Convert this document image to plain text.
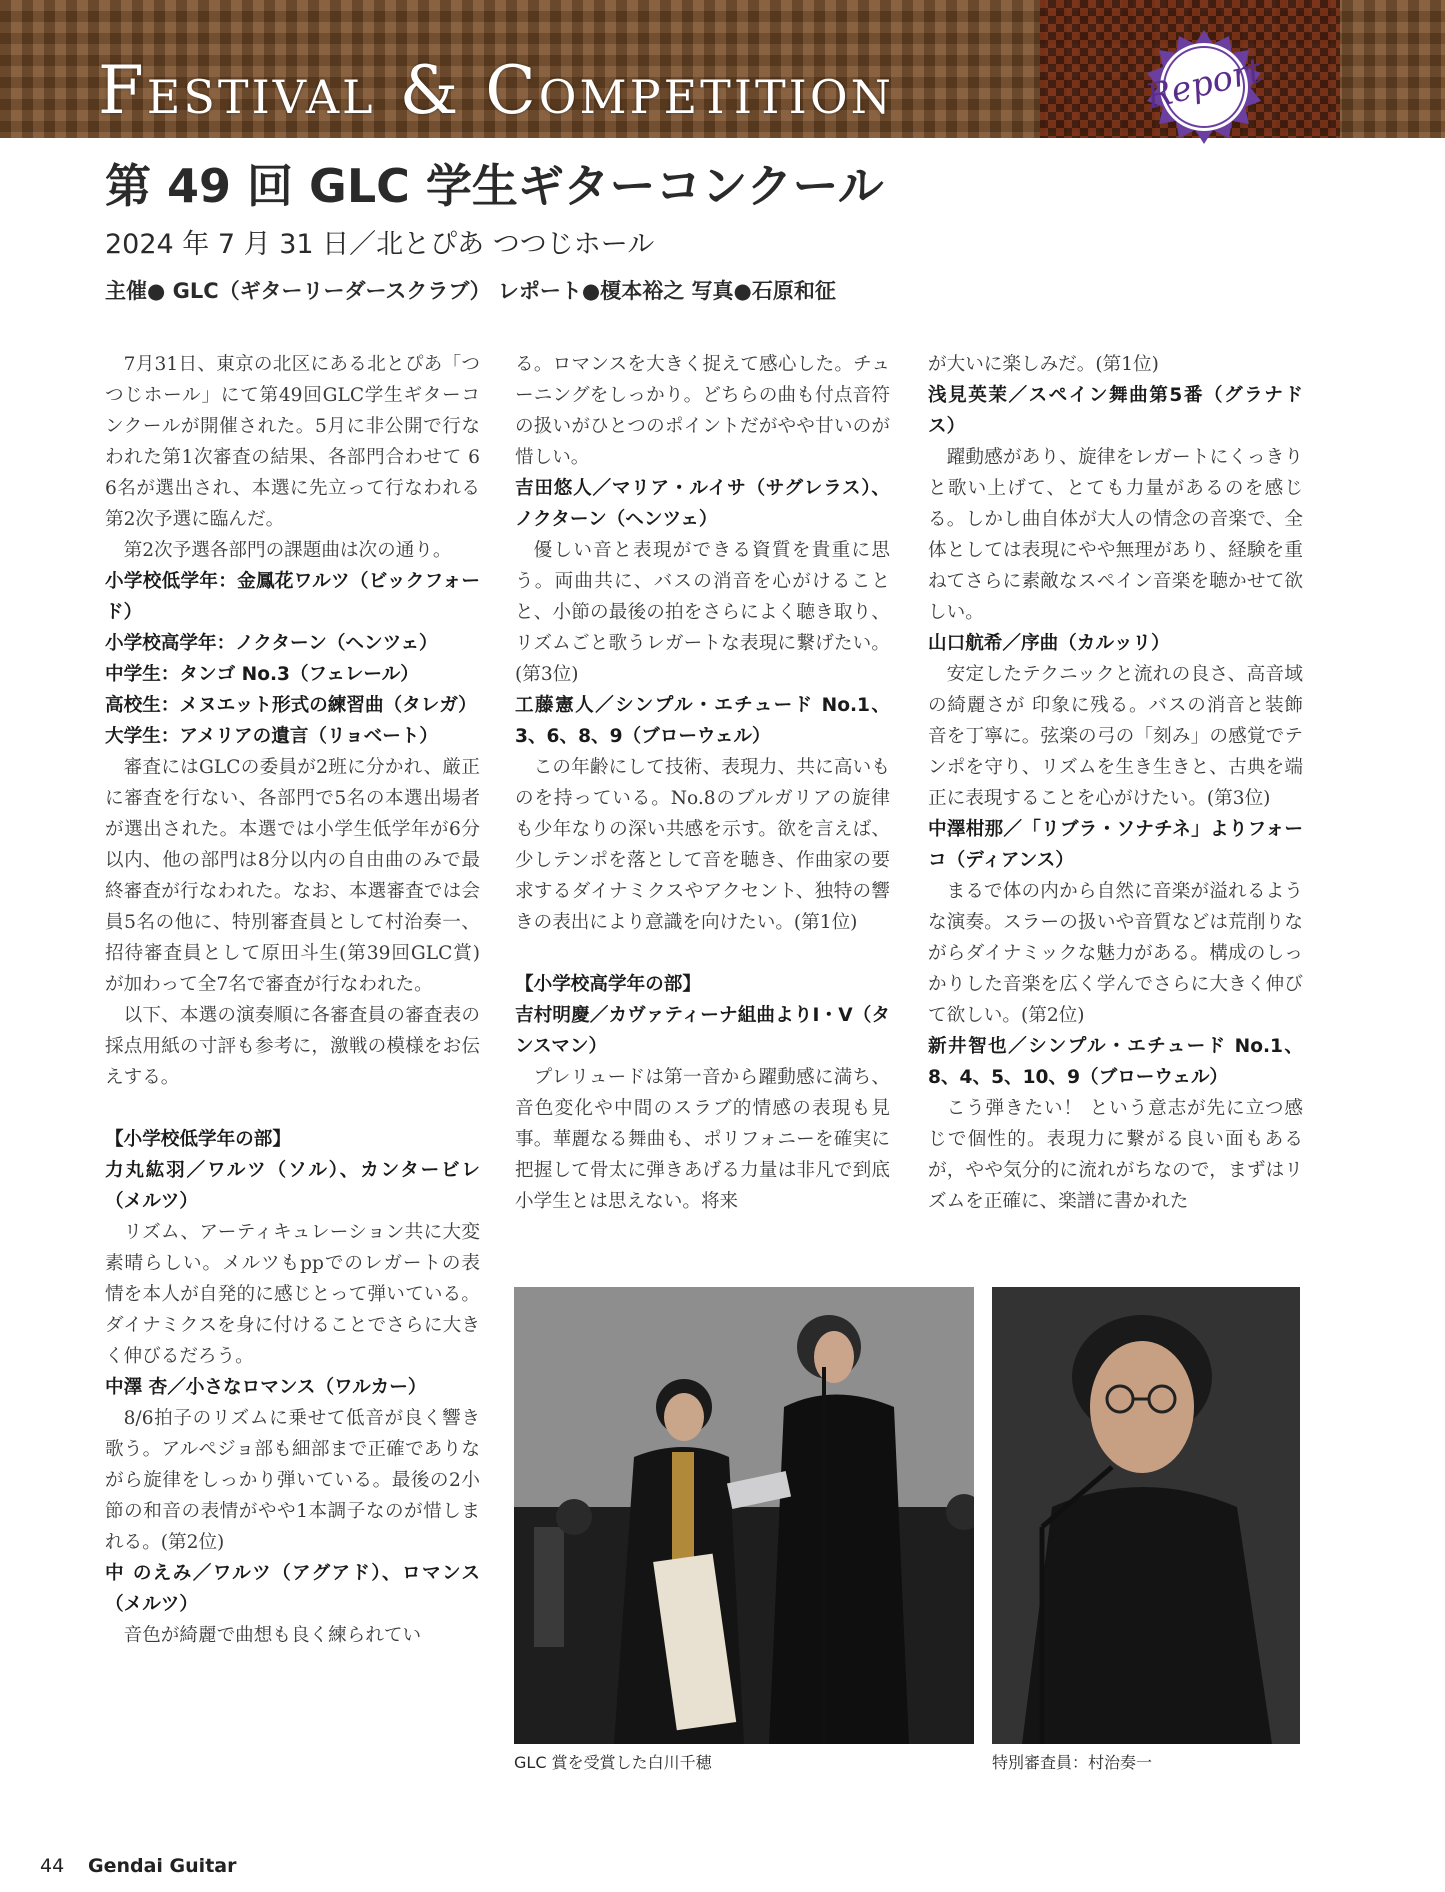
Festival & Competition	Report
第 49 回 GLC 学生ギターコンクール
2024 年 7 月 31 日／北とぴあ つつじホール
主催● GLC（ギターリーダースクラブ） レポート●榎本裕之 写真●石原和征

7月31日、東京の北区にある北とぴあ「つつじホール」にて第49回GLC学生ギターコンクールが開催された。5月に非公開で行なわれた第1次審査の結果、各部門合わせて 66名が選出され、本選に先立って行なわれる第2次予選に臨んだ。

第2次予選各部門の課題曲は次の通り。

小学校低学年：金鳳花ワルツ（ビックフォード）

小学校高学年：ノクターン（ヘンツェ）

中学生：タンゴ No.3（フェレール）

高校生：メヌエット形式の練習曲（タレガ）

大学生：アメリアの遺言（リョベート）

審査にはGLCの委員が2班に分かれ、厳正に審査を行ない、各部門で5名の本選出場者が選出された。本選では小学生低学年が6分以内、他の部門は8分以内の自由曲のみで最終審査が行なわれた。なお、本選審査では会員5名の他に、特別審査員として村治奏一、招待審査員として原田斗生(第39回GLC賞)が加わって全7名で審査が行なわれた。

以下、本選の演奏順に各審査員の審査表の採点用紙の寸評も参考に，激戦の模様をお伝えする。

【小学校低学年の部】

力丸紘羽／ワルツ（ソル）、カンタービレ（メルツ）

リズム、アーティキュレーション共に大変素晴らしい。メルツもppでのレガートの表情を本人が自発的に感じとって弾いている。ダイナミクスを身に付けることでさらに大きく伸びるだろう。

中澤 杏／小さなロマンス（ワルカー）

8/6拍子のリズムに乗せて低音が良く響き歌う。アルペジョ部も細部まで正確でありながら旋律をしっかり弾いている。最後の2小節の和音の表情がやや1本調子なのが惜しまれる。(第2位)

中 のえみ／ワルツ（アグアド）、ロマンス（メルツ）

音色が綺麗で曲想も良く練られてい

る。ロマンスを大きく捉えて感心した。チューニングをしっかり。どちらの曲も付点音符の扱いがひとつのポイントだがやや甘いのが惜しい。

吉田悠人／マリア・ルイサ（サグレラス）、ノクターン（ヘンツェ）

優しい音と表現ができる資質を貴重に思う。両曲共に、バスの消音を心がけることと、小節の最後の拍をさらによく聴き取り、リズムごと歌うレガートな表現に繋げたい。(第3位)

工藤憲人／シンプル・エチュード No.1、3、6、8、9（ブローウェル）

この年齢にして技術、表現力、共に高いものを持っている。No.8のブルガリアの旋律も少年なりの深い共感を示す。欲を言えば、少しテンポを落として音を聴き、作曲家の要求するダイナミクスやアクセント、独特の響きの表出により意識を向けたい。(第1位)

【小学校高学年の部】

吉村明慶／カヴァティーナ組曲よりⅠ・Ⅴ（タンスマン）

プレリュードは第一音から躍動感に満ち、音色変化や中間のスラブ的情感の表現も見事。華麗なる舞曲も、ポリフォニーを確実に把握して骨太に弾きあげる力量は非凡で到底小学生とは思えない。将来

が大いに楽しみだ。(第1位)

浅見英茉／スペイン舞曲第5番（グラナドス）

躍動感があり、旋律をレガートにくっきりと歌い上げて、とても力量があるのを感じる。しかし曲自体が大人の情念の音楽で、全体としては表現にやや無理があり、経験を重ねてさらに素敵なスペイン音楽を聴かせて欲しい。

山口航希／序曲（カルッリ）

安定したテクニックと流れの良さ、高音域の綺麗さが 印象に残る。バスの消音と装飾音を丁寧に。弦楽の弓の「刻み」の感覚でテンポを守り、リズムを生き生きと、古典を端正に表現することを心がけたい。(第3位)

中澤柑那／「リブラ・ソナチネ」よりフォーコ（ディアンス）

まるで体の内から自然に音楽が溢れるような演奏。スラーの扱いや音質などは荒削りながらダイナミックな魅力がある。構成のしっかりした音楽を広く学んでさらに大きく伸びて欲しい。(第2位)

新井智也／シンプル・エチュード No.1、8、4、5、10、9（ブローウェル）

こう弾きたい！ という意志が先に立つ感じで個性的。表現力に繋がる良い面もあるが，やや気分的に流れがちなので，まずはリズムを正確に、楽譜に書かれた

GLC 賞を受賞した白川千穂	特別審査員：村治奏一
44 Gendai Guitar
